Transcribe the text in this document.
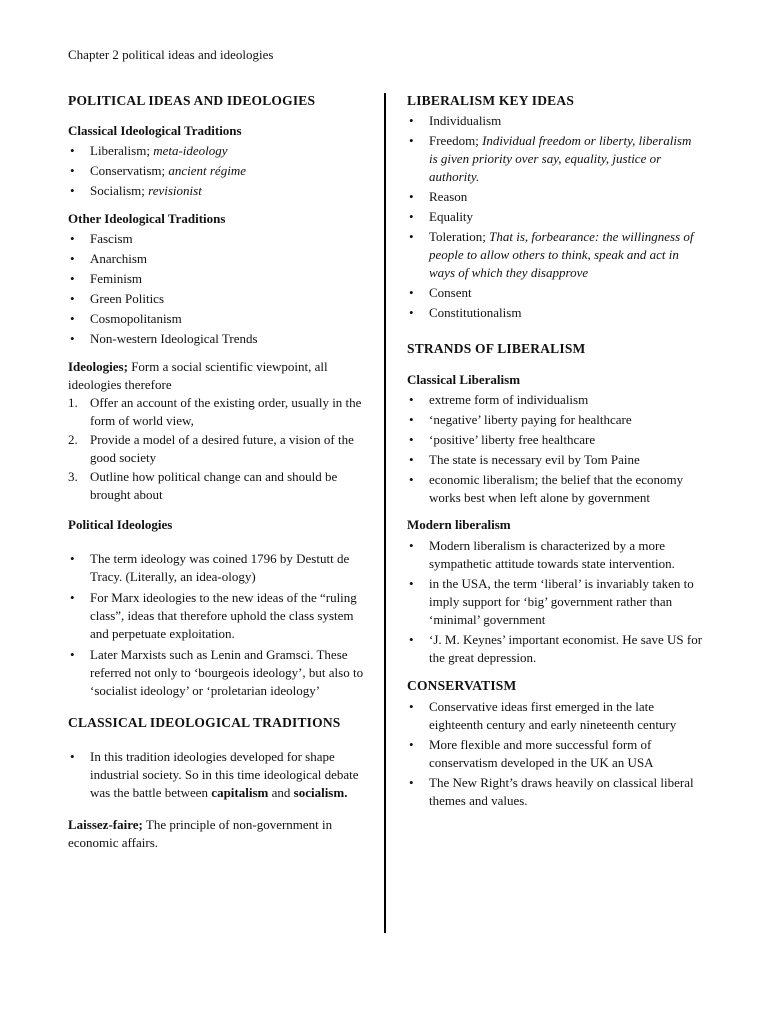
Chapter 2 political ideas and ideologies
POLITICAL IDEAS AND IDEOLOGIES
Classical Ideological Traditions
• Liberalism; meta-ideology
• Conservatism; ancient régime
• Socialism; revisionist
Other Ideological Traditions
• Fascism
• Anarchism
• Feminism
• Green Politics
• Cosmopolitanism
• Non-western Ideological Trends

Ideologies; Form a social scientific viewpoint, all ideologies therefore

1. Offer an account of the existing order, usually in the form of world view,
2. Provide a model of a desired future, a vision of the good society
3. Outline how political change can and should be brought about
Political Ideologies
• The term ideology was coined 1796 by Destutt de Tracy. (Literally, an idea-ology)
• For Marx ideologies to the new ideas of the “ruling class”, ideas that therefore uphold the class system and perpetuate exploitation.
• Later Marxists such as Lenin and Gramsci. These referred not only to ‘bourgeois ideology’, but also to ‘socialist ideology’ or ‘proletarian ideology’
CLASSICAL IDEOLOGICAL TRADITIONS
• In this tradition ideologies developed for shape industrial society. So in this time ideological debate was the battle between capitalism and socialism.

Laissez-faire; The principle of non-government in economic affairs.

LIBERALISM KEY IDEAS
• Individualism
• Freedom; Individual freedom or liberty, liberalism is given priority over say, equality, justice or authority.
• Reason
• Equality
• Toleration; That is, forbearance: the willingness of people to allow others to think, speak and act in ways of which they disapprove
• Consent
• Constitutionalism
STRANDS OF LIBERALISM
Classical Liberalism
• extreme form of individualism
• ‘negative’ liberty paying for healthcare
• ‘positive’ liberty free healthcare
• The state is necessary evil by Tom Paine
• economic liberalism; the belief that the economy works best when left alone by government
Modern liberalism
• Modern liberalism is characterized by a more sympathetic attitude towards state intervention.
• in the USA, the term ‘liberal’ is invariably taken to imply support for ‘big’ government rather than ‘minimal’ government
• ‘J. M. Keynes’ important economist. He save US for the great depression.
CONSERVATISM
• Conservative ideas first emerged in the late eighteenth century and early nineteenth century
• More flexible and more successful form of conservatism developed in the UK an USA
• The New Right’s draws heavily on classical liberal themes and values.
